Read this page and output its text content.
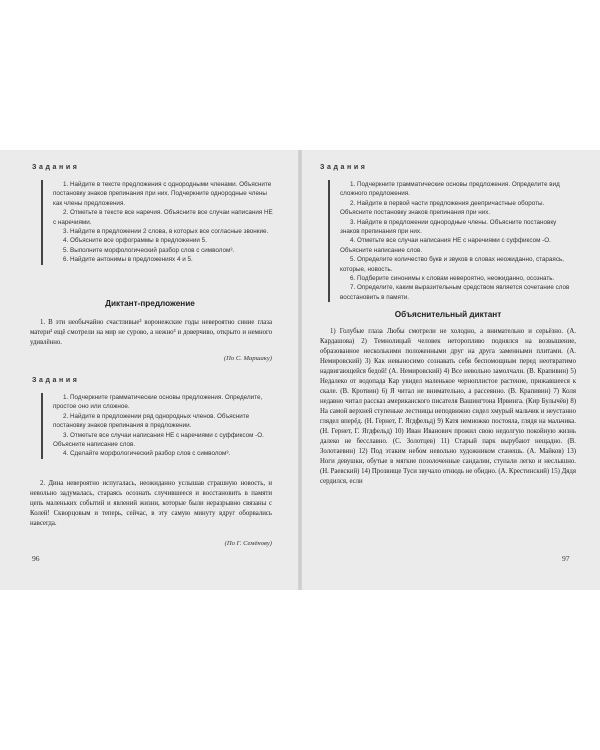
Задания
1. Найдите в тексте предложения с однородными членами. Объясните постановку знаков препинания при них. Подчеркните однородные члены как члены предложения.
2. Отметьте в тексте все наречия. Объясните все случаи написания НЕ с наречиями.
3. Найдите в предложении 2 слова, в которых все согласные звонкие.
4. Объясните все орфограммы в предложении 5.
5. Выполните морфологический разбор слов с символом³.
6. Найдите антонимы в предложениях 4 и 5.
Диктант-предложение
1. В эти необычайно счастливые³ воронежские годы невероятно синие глаза матери³ ещё смотрели на мир не сурово, а нежно³ и доверчиво, открыто и немного удивлённо.
(По С. Маршаку)
Задания
1. Подчеркните грамматические основы предложения. Определите, простое оно или сложное.
2. Найдите в предложении ряд однородных членов. Объясните постановку знаков препинания в предложении.
3. Отметьте все случаи написания НЕ с наречиями с суффиксом -О. Объясните написание слов.
4. Сделайте морфологический разбор слов с символом³.
2. Дина невероятно испугалась, неожиданно услышав страшную новость, и невольно задумалась, стараясь осознать случившееся и восстановить в памяти цепь маленьких событий и явлений жизни, которые были неразрывно связаны с Колей! Скворцовым и теперь, сейчас, в эту самую минуту вдруг оборвались навсегда.
(По Г. Семёнову)
96
Задания
1. Подчеркните грамматические основы предложения. Определите вид сложного предложения.
2. Найдите в первой части предложения деепричастные обороты. Объясните постановку знаков препинания при них.
3. Найдите в предложении однородные члены. Объясните постановку знаков препинания при них.
4. Отметьте все случаи написания НЕ с наречиями с суффиксом -О. Объясните написание слов.
5. Определите количество букв и звуков в словах неожиданно, стараясь, которые, новость.
6. Подберите синонимы к словам невероятно, неожиданно, осознать.
7. Определите, каким выразительным средством является сочетание слов восстановить в памяти.
Объяснительный диктант
1) Голубые глаза Любы смотрели не холодно, а внимательно и серьёзно. (А. Кардашова) 2) Темнолицый человек неторопливо поднялся на возвышение, образованное несколькими положенными друг на друга заменными плитами. (А. Немировский) 3) Как невыносимо сознавать себя беспомощным перед неотвратимо надвигающейся бедой! (А. Немировский) 4) Все невольно замолчали. (В. Крапивин) 5) Недалеко от водопада Кар увидел маленькое черноплистое растение, прижавшееся к скале. (В. Кротвин) 6) Я читал не внимательно, а рассеянно. (В. Крапивин) 7) Коля недавно читал рассказ американского писателя Вашингтона Ирвинга. (Кир Булычёв) 8) На самой верхней ступеньке лестницы неподвижно сидел хмурый мальчик и неустанно глядел вперёд. (Н. Гернет, Г. Ягдфельд) 9) Катя немножко постояла, глядя на мальчика. (Н. Гернет, Г. Ягдфельд) 10) Иван Иванович прожил свою недолгую покойную жизнь далеко не бесславно. (С. Золотцев) 11) Старый парк вырубают нещадно. (В. Золотаевин) 12) Под этаким небом невольно художником станешь. (А. Майков) 13) Ноги девушки, обутые в мягкие позолоченные сандалии, ступали легко и неслышно. (Н. Раевский) 14) Прозвище Туси звучало отнюдь не обидно. (А. Крестинский) 15) Дядя сердился, если
97
